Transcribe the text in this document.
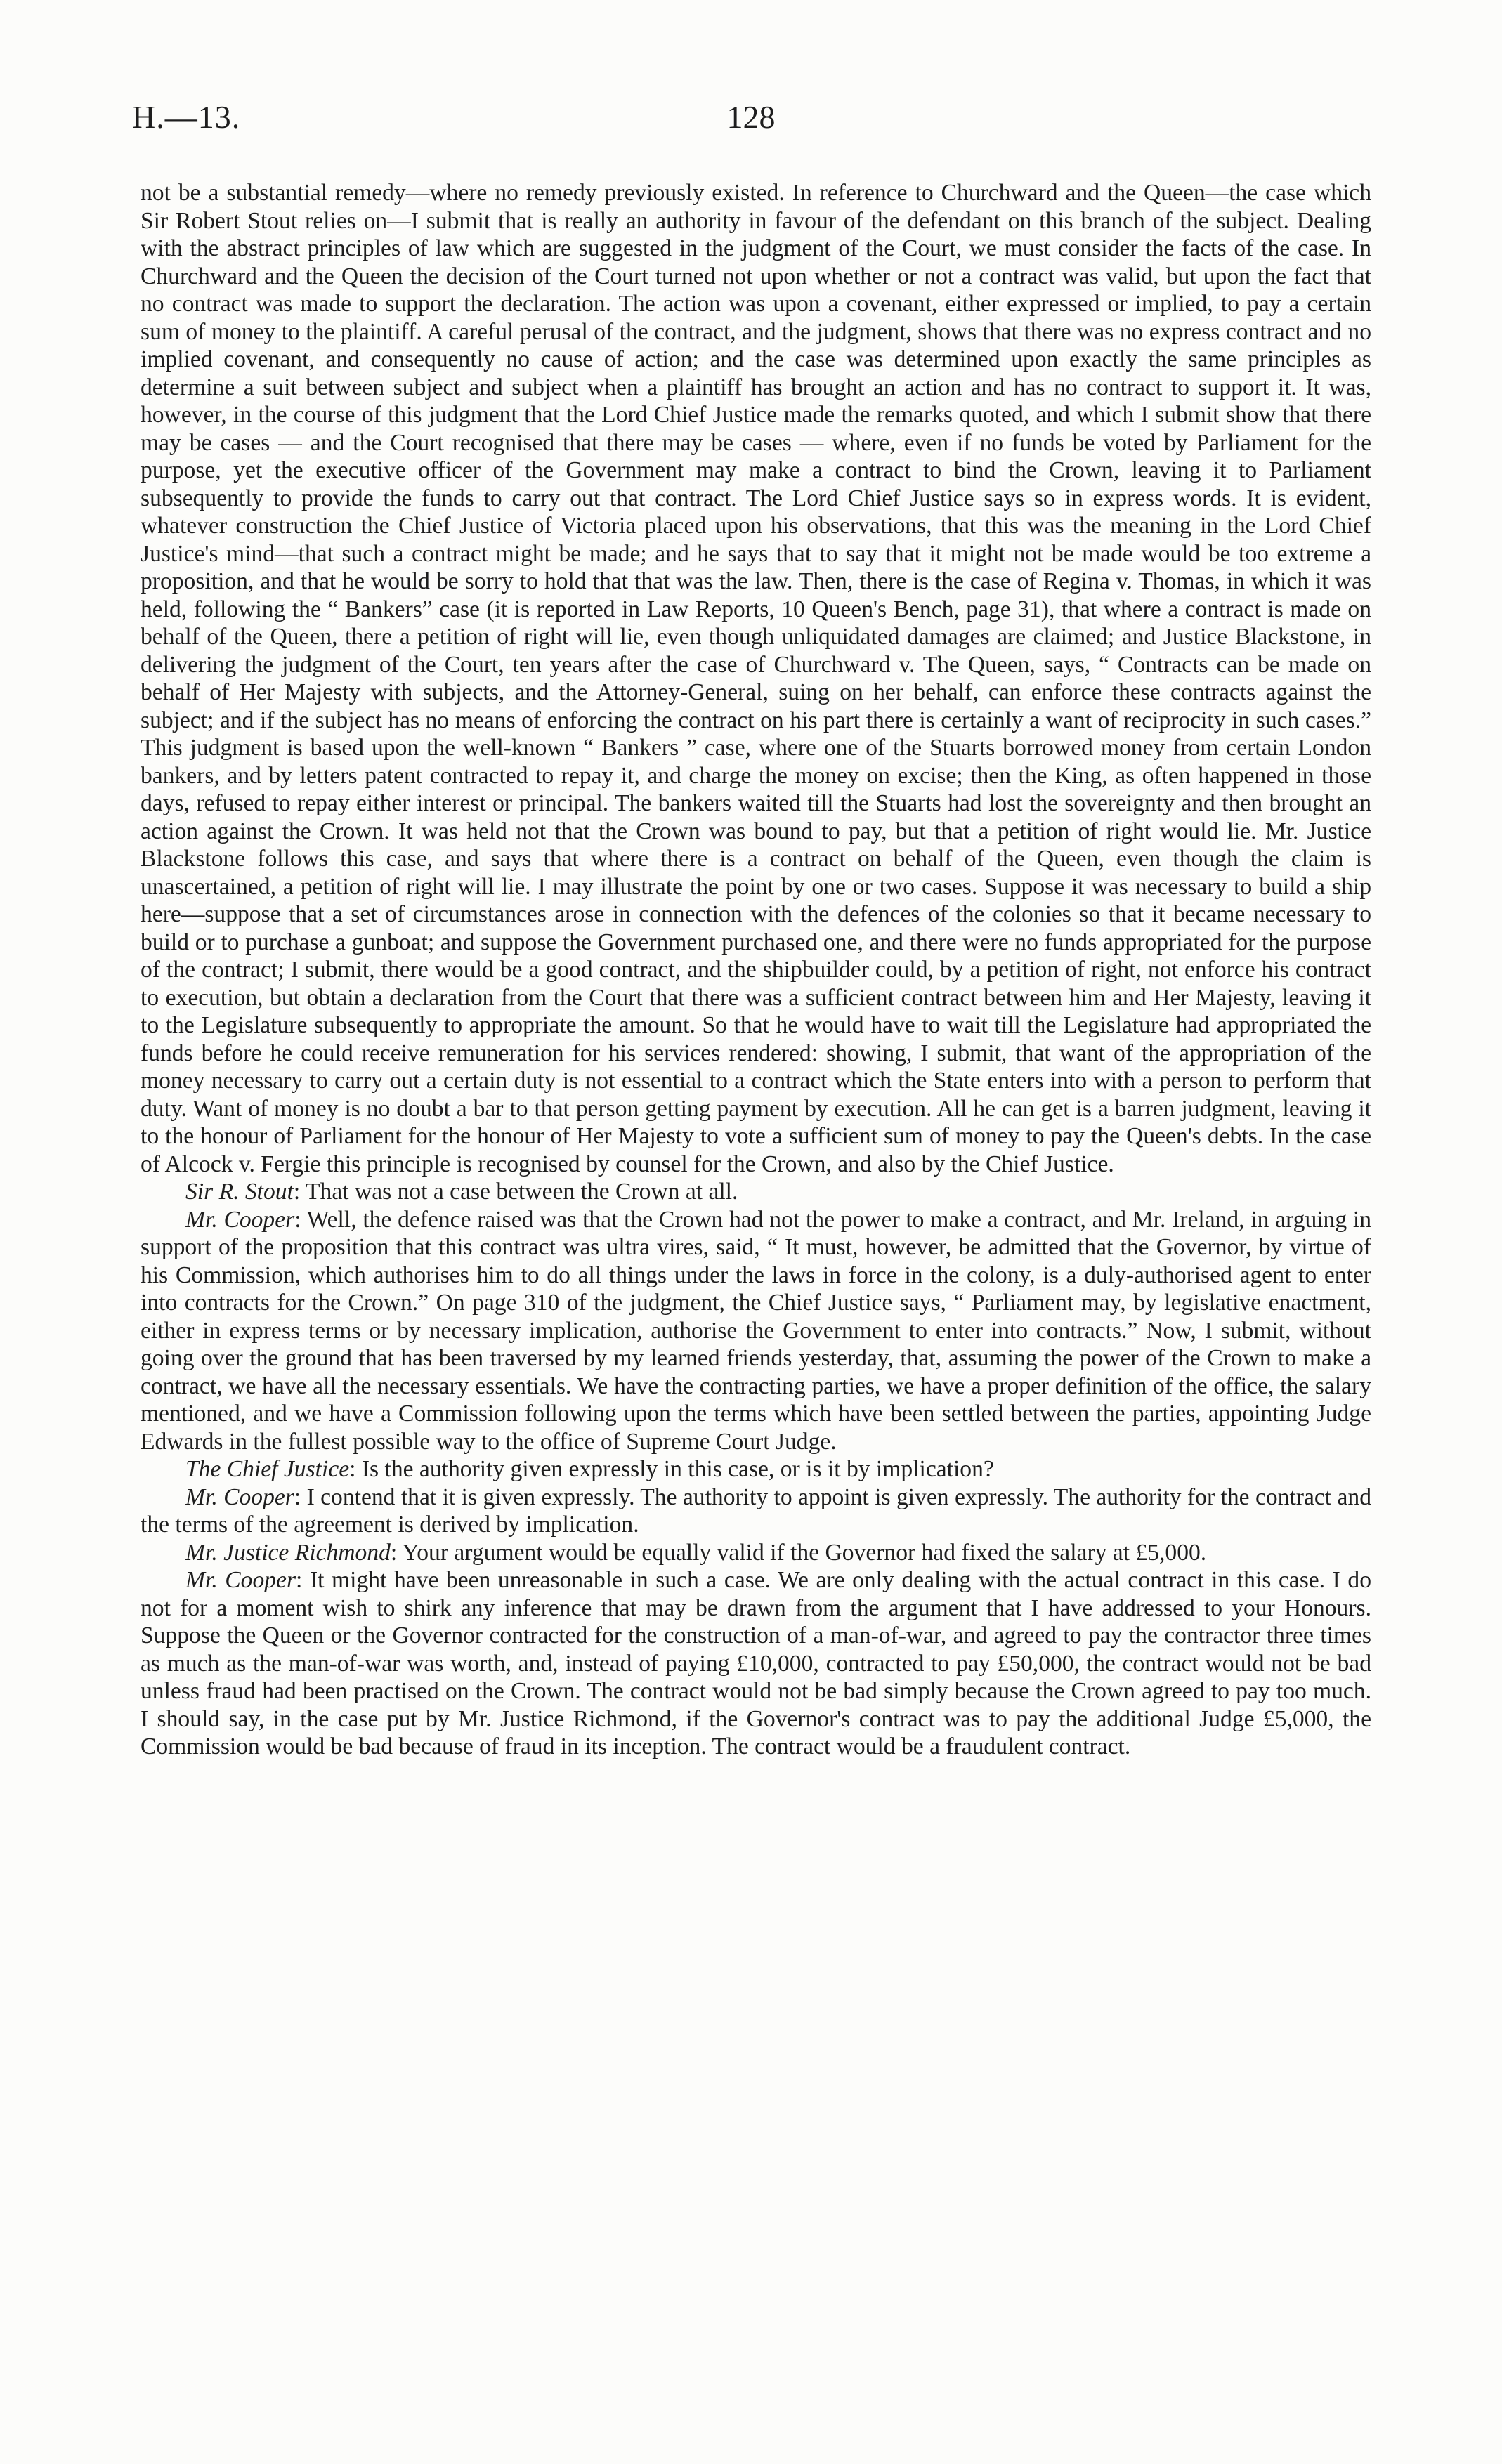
H.—13.	128

not be a substantial remedy—where no remedy previously existed. In reference to Churchward and the Queen—the case which Sir Robert Stout relies on—I submit that is really an authority in favour of the defendant on this branch of the subject. Dealing with the abstract principles of law which are suggested in the judgment of the Court, we must consider the facts of the case. In Churchward and the Queen the decision of the Court turned not upon whether or not a contract was valid, but upon the fact that no contract was made to support the declaration. The action was upon a covenant, either expressed or implied, to pay a certain sum of money to the plaintiff. A careful perusal of the contract, and the judgment, shows that there was no express contract and no implied covenant, and consequently no cause of action; and the case was determined upon exactly the same principles as determine a suit between subject and subject when a plaintiff has brought an action and has no contract to support it. It was, however, in the course of this judgment that the Lord Chief Justice made the remarks quoted, and which I submit show that there may be cases — and the Court recognised that there may be cases — where, even if no funds be voted by Parliament for the purpose, yet the executive officer of the Government may make a contract to bind the Crown, leaving it to Parliament subsequently to provide the funds to carry out that contract. The Lord Chief Justice says so in express words. It is evident, whatever construction the Chief Justice of Victoria placed upon his observations, that this was the meaning in the Lord Chief Justice's mind—that such a contract might be made; and he says that to say that it might not be made would be too extreme a proposition, and that he would be sorry to hold that that was the law. Then, there is the case of Regina v. Thomas, in which it was held, following the “ Bankers” case (it is reported in Law Reports, 10 Queen's Bench, page 31), that where a contract is made on behalf of the Queen, there a petition of right will lie, even though unliquidated damages are claimed; and Justice Blackstone, in delivering the judgment of the Court, ten years after the case of Churchward v. The Queen, says, “ Contracts can be made on behalf of Her Majesty with subjects, and the Attorney-General, suing on her behalf, can enforce these contracts against the subject; and if the subject has no means of enforcing the contract on his part there is certainly a want of reciprocity in such cases.” This judgment is based upon the well-known “ Bankers ” case, where one of the Stuarts borrowed money from certain London bankers, and by letters patent contracted to repay it, and charge the money on excise; then the King, as often happened in those days, refused to repay either interest or principal. The bankers waited till the Stuarts had lost the sovereignty and then brought an action against the Crown. It was held not that the Crown was bound to pay, but that a petition of right would lie. Mr. Justice Blackstone follows this case, and says that where there is a contract on behalf of the Queen, even though the claim is unascertained, a petition of right will lie. I may illustrate the point by one or two cases. Suppose it was necessary to build a ship here—suppose that a set of circumstances arose in connection with the defences of the colonies so that it became necessary to build or to purchase a gunboat; and suppose the Government purchased one, and there were no funds appropriated for the purpose of the contract; I submit, there would be a good contract, and the shipbuilder could, by a petition of right, not enforce his contract to execution, but obtain a declaration from the Court that there was a sufficient contract between him and Her Majesty, leaving it to the Legislature subsequently to appropriate the amount. So that he would have to wait till the Legislature had appropriated the funds before he could receive remuneration for his services rendered: showing, I submit, that want of the appropriation of the money necessary to carry out a certain duty is not essential to a contract which the State enters into with a person to perform that duty. Want of money is no doubt a bar to that person getting payment by execution. All he can get is a barren judgment, leaving it to the honour of Parliament for the honour of Her Majesty to vote a sufficient sum of money to pay the Queen's debts. In the case of Alcock v. Fergie this principle is recognised by counsel for the Crown, and also by the Chief Justice.

Sir R. Stout: That was not a case between the Crown at all.

Mr. Cooper: Well, the defence raised was that the Crown had not the power to make a contract, and Mr. Ireland, in arguing in support of the proposition that this contract was ultra vires, said, “ It must, however, be admitted that the Governor, by virtue of his Commission, which authorises him to do all things under the laws in force in the colony, is a duly-authorised agent to enter into contracts for the Crown.” On page 310 of the judgment, the Chief Justice says, “ Parliament may, by legislative enactment, either in express terms or by necessary implication, authorise the Government to enter into contracts.” Now, I submit, without going over the ground that has been traversed by my learned friends yesterday, that, assuming the power of the Crown to make a contract, we have all the necessary essentials. We have the contracting parties, we have a proper definition of the office, the salary mentioned, and we have a Commission following upon the terms which have been settled between the parties, appointing Judge Edwards in the fullest possible way to the office of Supreme Court Judge.

The Chief Justice: Is the authority given expressly in this case, or is it by implication?

Mr. Cooper: I contend that it is given expressly. The authority to appoint is given expressly. The authority for the contract and the terms of the agreement is derived by implication.

Mr. Justice Richmond: Your argument would be equally valid if the Governor had fixed the salary at £5,000.

Mr. Cooper: It might have been unreasonable in such a case. We are only dealing with the actual contract in this case. I do not for a moment wish to shirk any inference that may be drawn from the argument that I have addressed to your Honours. Suppose the Queen or the Governor contracted for the construction of a man-of-war, and agreed to pay the contractor three times as much as the man-of-war was worth, and, instead of paying £10,000, contracted to pay £50,000, the contract would not be bad unless fraud had been practised on the Crown. The contract would not be bad simply because the Crown agreed to pay too much. I should say, in the case put by Mr. Justice Richmond, if the Governor's contract was to pay the additional Judge £5,000, the Commission would be bad because of fraud in its inception. The contract would be a fraudulent contract.
